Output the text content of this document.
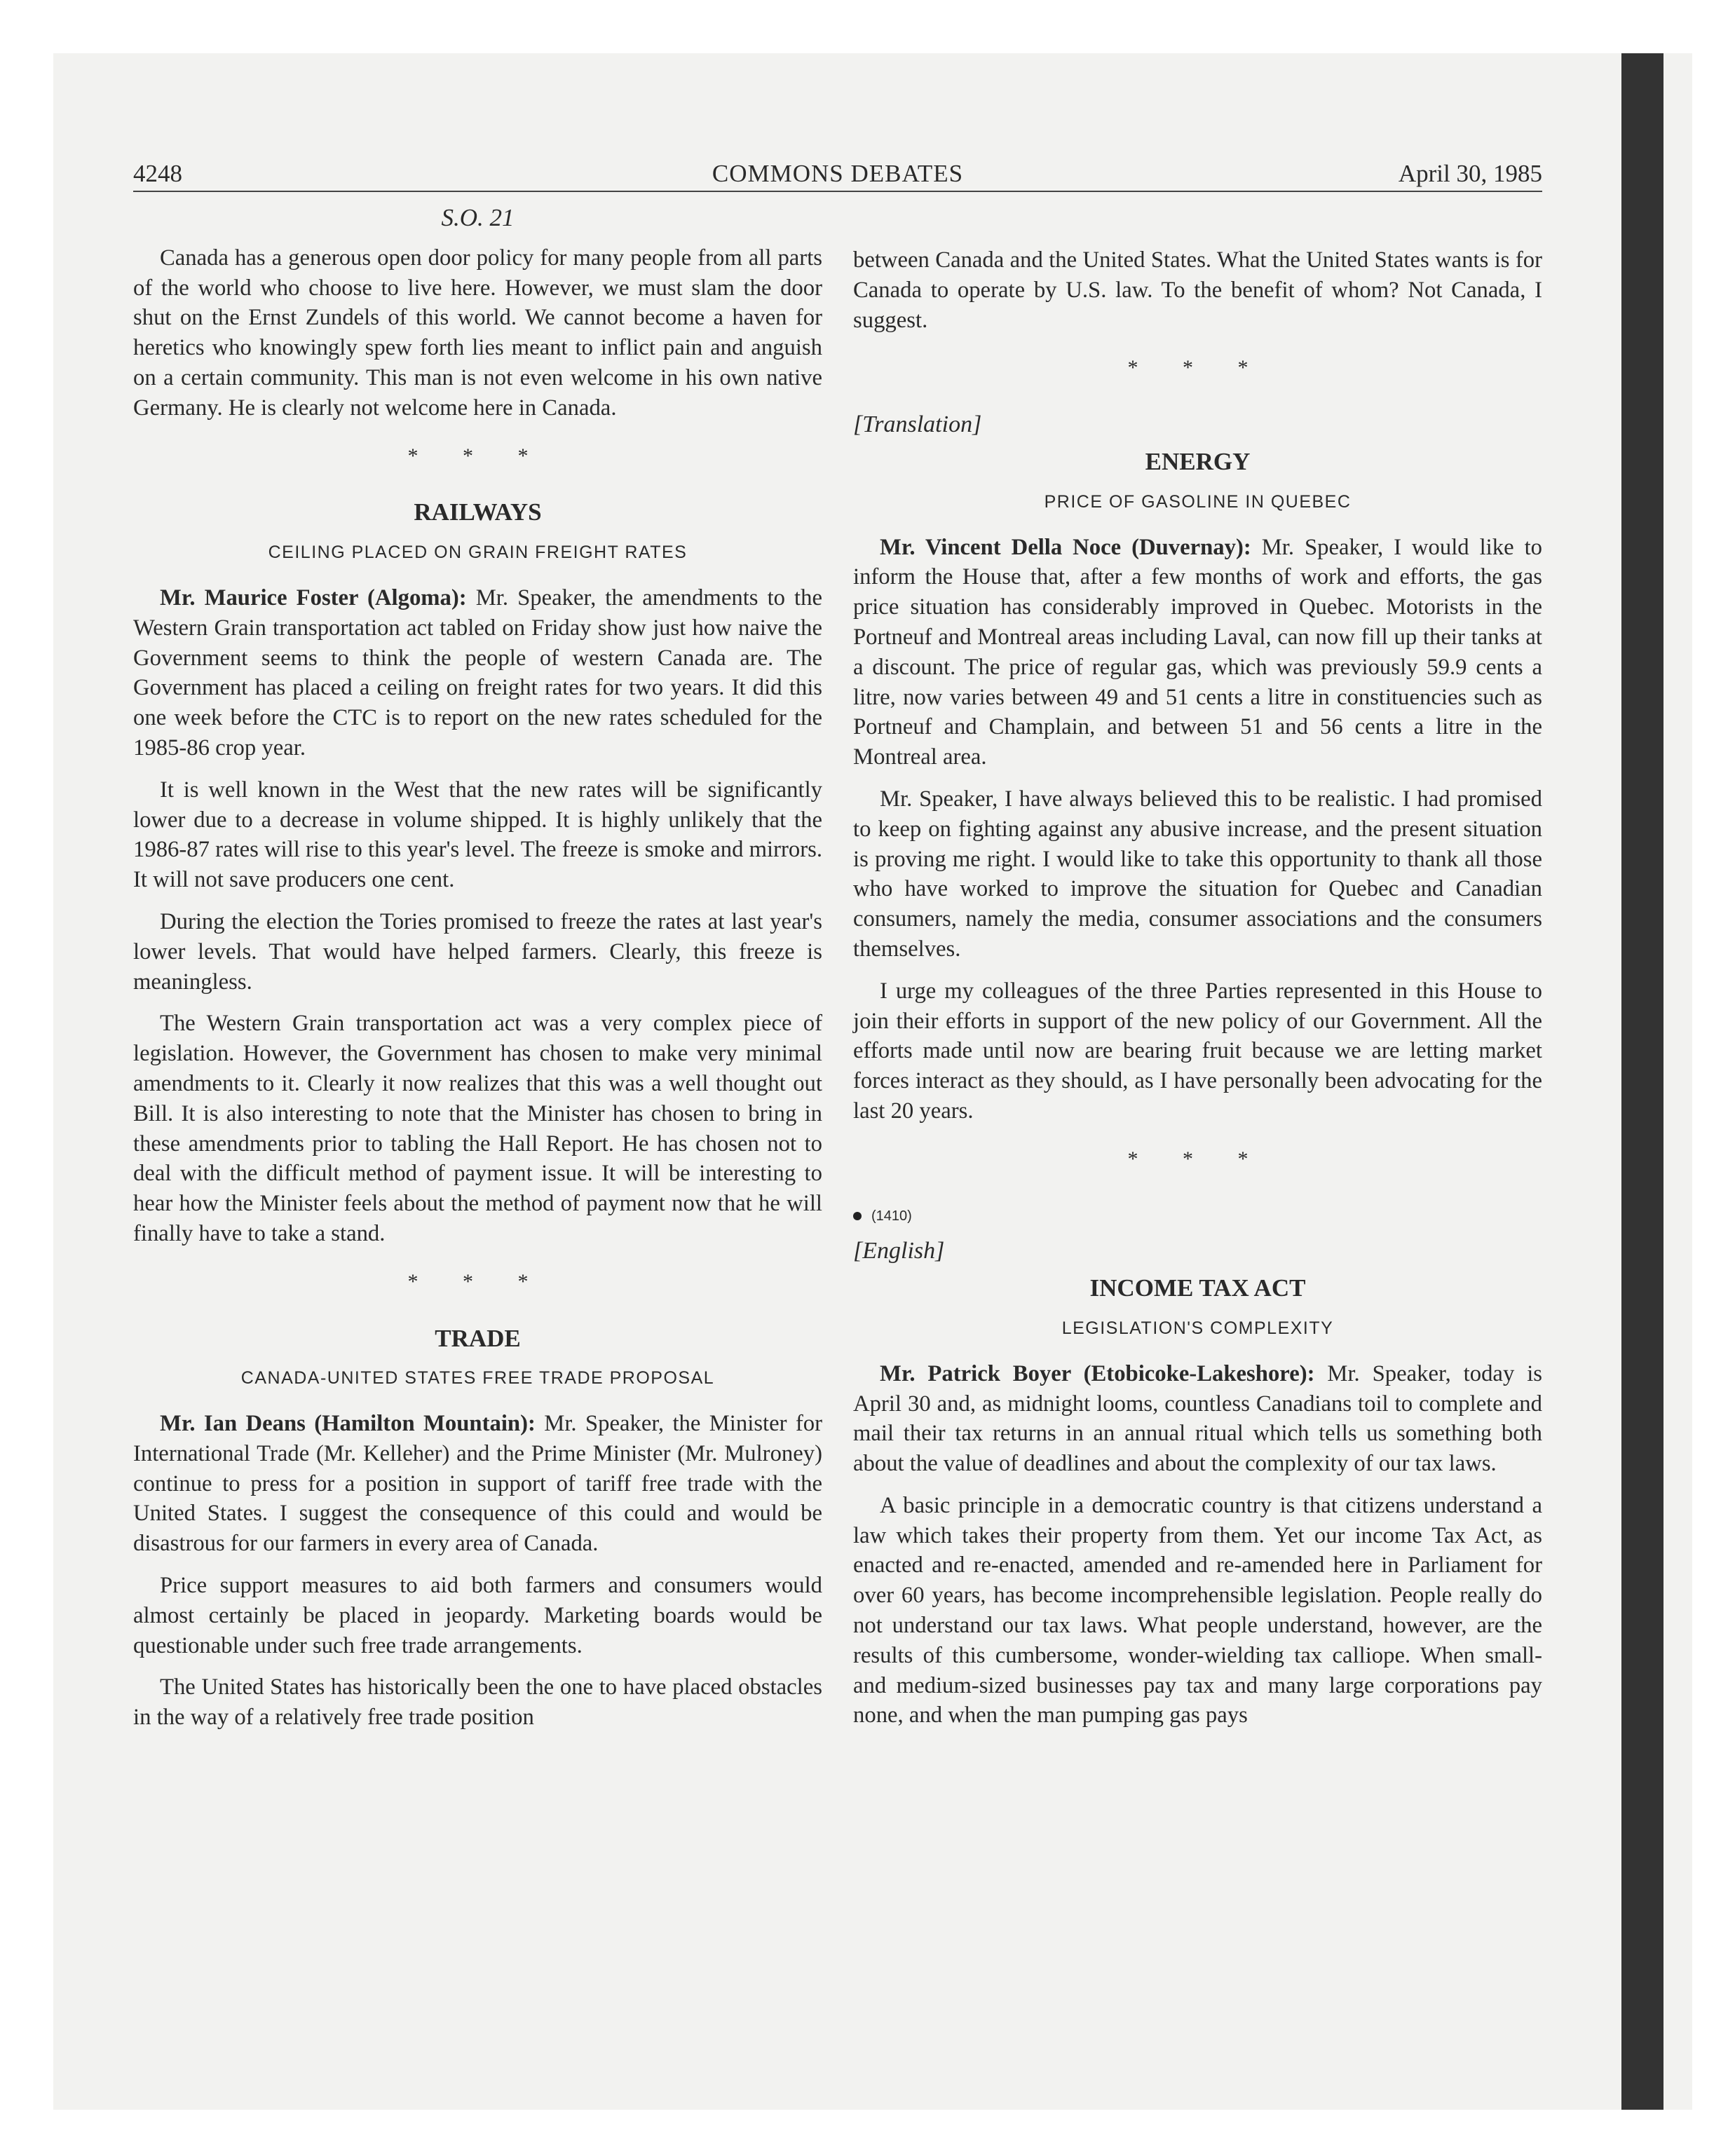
4248	COMMONS DEBATES	April 30, 1985
S.O. 21

Canada has a generous open door policy for many people from all parts of the world who choose to live here. However, we must slam the door shut on the Ernst Zundels of this world. We cannot become a haven for heretics who knowingly spew forth lies meant to inflict pain and anguish on a certain community. This man is not even welcome in his own native Germany. He is clearly not welcome here in Canada.

* * *
RAILWAYS
CEILING PLACED ON GRAIN FREIGHT RATES

Mr. Maurice Foster (Algoma): Mr. Speaker, the amendments to the Western Grain transportation act tabled on Friday show just how naive the Government seems to think the people of western Canada are. The Government has placed a ceiling on freight rates for two years. It did this one week before the CTC is to report on the new rates scheduled for the 1985-86 crop year.

It is well known in the West that the new rates will be significantly lower due to a decrease in volume shipped. It is highly unlikely that the 1986-87 rates will rise to this year's level. The freeze is smoke and mirrors. It will not save producers one cent.

During the election the Tories promised to freeze the rates at last year's lower levels. That would have helped farmers. Clearly, this freeze is meaningless.

The Western Grain transportation act was a very complex piece of legislation. However, the Government has chosen to make very minimal amendments to it. Clearly it now realizes that this was a well thought out Bill. It is also interesting to note that the Minister has chosen to bring in these amendments prior to tabling the Hall Report. He has chosen not to deal with the difficult method of payment issue. It will be interesting to hear how the Minister feels about the method of payment now that he will finally have to take a stand.

* * *
TRADE
CANADA-UNITED STATES FREE TRADE PROPOSAL

Mr. Ian Deans (Hamilton Mountain): Mr. Speaker, the Minister for International Trade (Mr. Kelleher) and the Prime Minister (Mr. Mulroney) continue to press for a position in support of tariff free trade with the United States. I suggest the consequence of this could and would be disastrous for our farmers in every area of Canada.

Price support measures to aid both farmers and consumers would almost certainly be placed in jeopardy. Marketing boards would be questionable under such free trade arrangements.

The United States has historically been the one to have placed obstacles in the way of a relatively free trade position

between Canada and the United States. What the United States wants is for Canada to operate by U.S. law. To the benefit of whom? Not Canada, I suggest.

* * *
[Translation]
ENERGY
PRICE OF GASOLINE IN QUEBEC

Mr. Vincent Della Noce (Duvernay): Mr. Speaker, I would like to inform the House that, after a few months of work and efforts, the gas price situation has considerably improved in Quebec. Motorists in the Portneuf and Montreal areas including Laval, can now fill up their tanks at a discount. The price of regular gas, which was previously 59.9 cents a litre, now varies between 49 and 51 cents a litre in constituencies such as Portneuf and Champlain, and between 51 and 56 cents a litre in the Montreal area.

Mr. Speaker, I have always believed this to be realistic. I had promised to keep on fighting against any abusive increase, and the present situation is proving me right. I would like to take this opportunity to thank all those who have worked to improve the situation for Quebec and Canadian consumers, namely the media, consumer associations and the consumers themselves.

I urge my colleagues of the three Parties represented in this House to join their efforts in support of the new policy of our Government. All the efforts made until now are bearing fruit because we are letting market forces interact as they should, as I have personally been advocating for the last 20 years.

* * *
(1410)
[English]
INCOME TAX ACT
LEGISLATION'S COMPLEXITY

Mr. Patrick Boyer (Etobicoke-Lakeshore): Mr. Speaker, today is April 30 and, as midnight looms, countless Canadians toil to complete and mail their tax returns in an annual ritual which tells us something both about the value of deadlines and about the complexity of our tax laws.

A basic principle in a democratic country is that citizens understand a law which takes their property from them. Yet our income Tax Act, as enacted and re-enacted, amended and re-amended here in Parliament for over 60 years, has become incomprehensible legislation. People really do not understand our tax laws. What people understand, however, are the results of this cumbersome, wonder-wielding tax calliope. When small- and medium-sized businesses pay tax and many large corporations pay none, and when the man pumping gas pays
